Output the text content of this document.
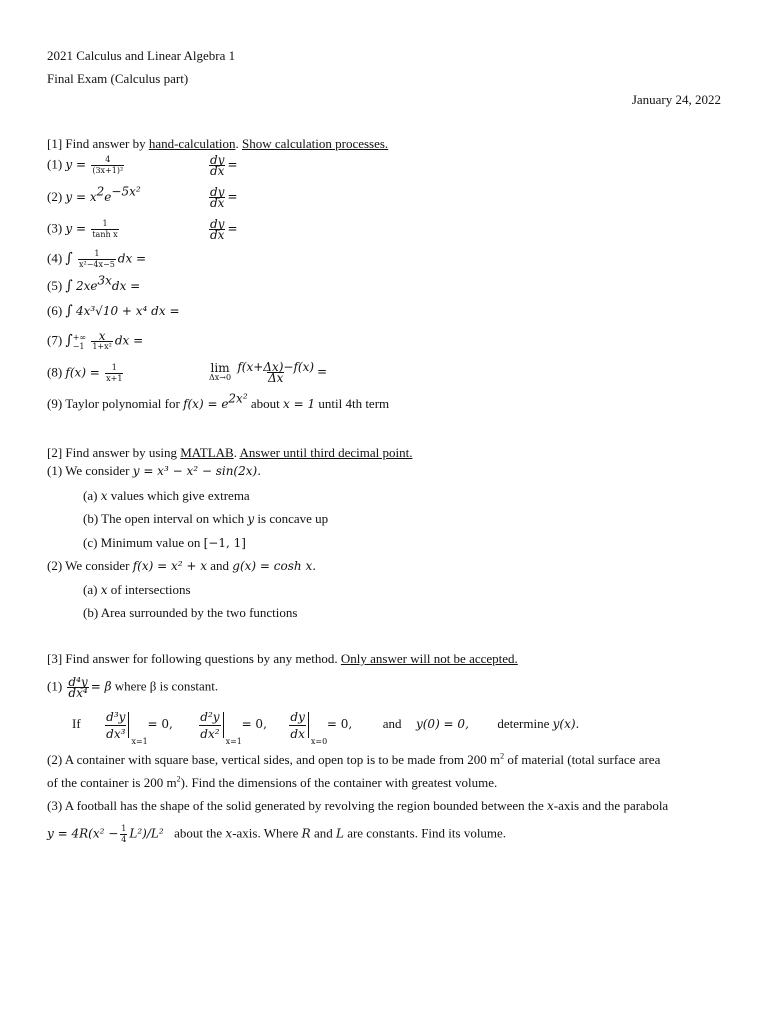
2021 Calculus and Linear Algebra 1
Final Exam (Calculus part)
January 24, 2022
[1] Find answer by hand-calculation. Show calculation processes.
(1) $y = \frac{4}{\text{(3x+1)²}}$	$\frac{dy}{dx}$ =
(2) $y = x^2e^{-5x^2}$	$\frac{dy}{dx}$ =
(3) $y = \frac{1}{\text{tanh x}}$	$\frac{dy}{dx}$ =
(4) ∫ $\frac{1}{\text{x²−4x−5}}$ dx =
(5) ∫ $2xe^{3x}dx$ =
(6) ∫ 4x³√10 + x⁴ dx =
(7) ∫ +∞
−1
$\frac{x}{\text{1+x²}}$ dx =
(8) $f(x) = \frac{1}{x+1}$	lim
Δx→0
$\frac{f(x+\Delta x)-f(x)}{\Delta x}$ =
(9) Taylor polynomial for $f(x) = e^{2x^2}$ about x = 1 until 4th term
[2] Find answer by using MATLAB. Answer until third decimal point.
(1) We consider y = x³ − x² − sin(2x).
(a) x values which give extrema
(b) The open interval on which y is concave up
(c) Minimum value on [−1, 1]
(2) We consider f(x) = x² + x and g(x) = cosh x.
(a) x of intersections
(b) Area surrounded by the two functions
[3] Find answer for following questions by any method. Only answer will not be accepted.
$(1) \frac{\text{d⁴y}}{\text{dx⁴}} = \beta$ where β is constant.
If $\frac{\text{d³y}}{\text{dx³}} x=1$
= 0, $\frac{\text{d²y}}{\text{dx²}} x=1$
= 0, $\frac{dy}{dx} x=0$
= 0, and y(0) = 0, determine y(x).
(2) A container with square base, vertical sides, and open top is to be made from 200 $m^2$ of material (total surface area
of the container is 200 $m^2$). Find the dimensions of the container with greatest volume.
(3) A football has the shape of the solid generated by revolving the region bounded between the x-axis and the parabola
$y = 4R(x^2 - \frac{1}{4} L^2)/L^2$ about the x-axis. Where R and L are constants. Find its volume.
